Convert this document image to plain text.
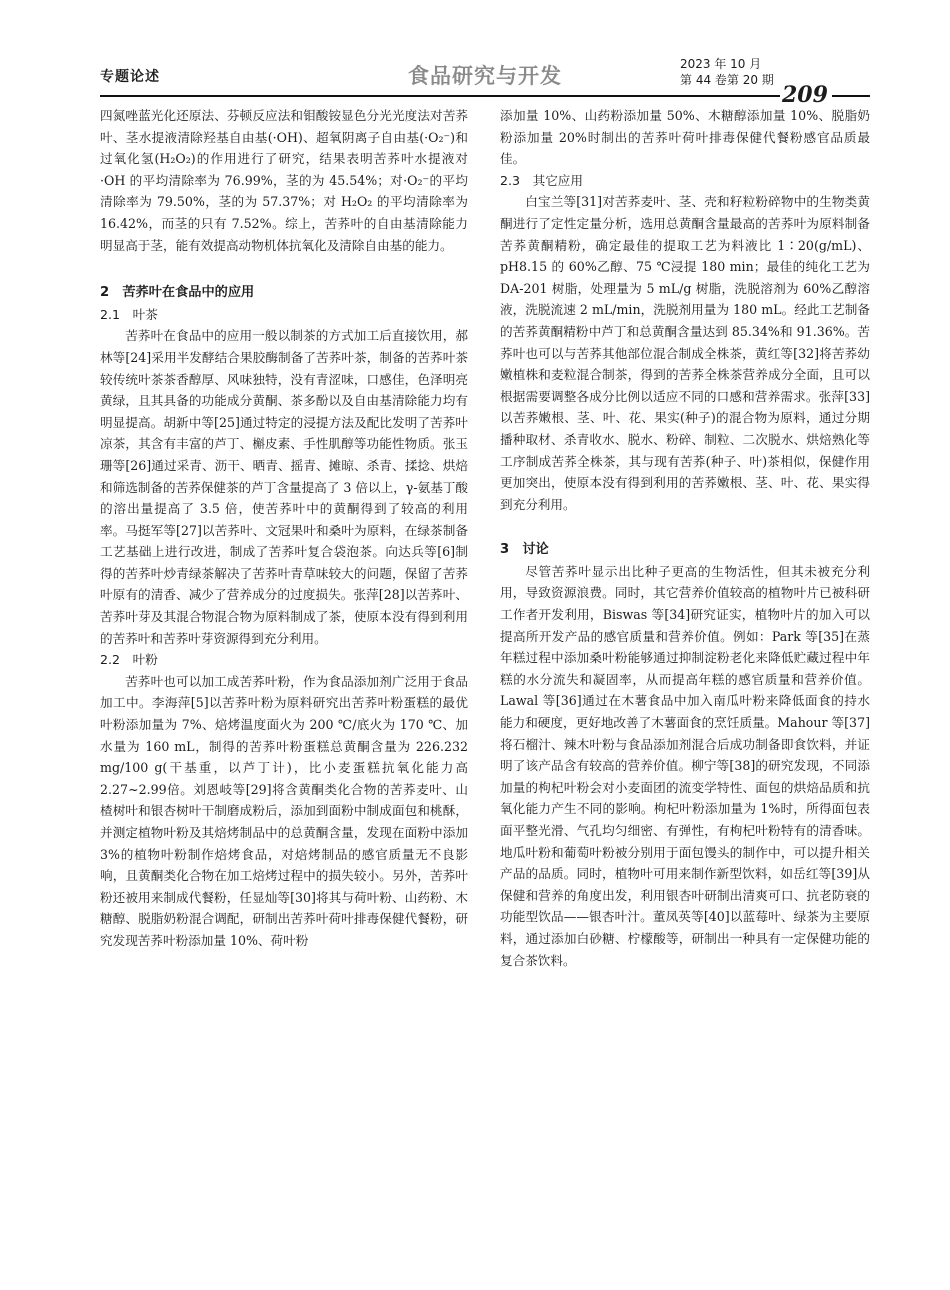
专题论述	食品研究与开发	2023 年 10 月
第 44 卷第 20 期
209

四氮唑蓝光化还原法、芬顿反应法和钼酸铵显色分光光度法对苦荞叶、茎水提液清除羟基自由基(·OH)、超氧阴离子自由基(·O₂⁻)和过氧化氢(H₂O₂)的作用进行了研究，结果表明苦荞叶水提液对·OH 的平均清除率为 76.99%，茎的为 45.54%；对·O₂⁻的平均清除率为 79.50%，茎的为 57.37%；对 H₂O₂ 的平均清除率为 16.42%，而茎的只有 7.52%。综上，苦荞叶的自由基清除能力明显高于茎，能有效提高动物机体抗氧化及清除自由基的能力。

2　苦荞叶在食品中的应用
2.1　叶茶

苦荞叶在食品中的应用一般以制茶的方式加工后直接饮用，郝林等[24]采用半发酵结合果胶酶制备了苦荞叶茶，制备的苦荞叶茶较传统叶茶茶香醇厚、风味独特，没有青涩味，口感佳，色泽明亮黄绿，且其具备的功能成分黄酮、茶多酚以及自由基清除能力均有明显提高。胡新中等[25]通过特定的浸提方法及配比发明了苦荞叶凉茶，其含有丰富的芦丁、槲皮素、手性肌醇等功能性物质。张玉珊等[26]通过采青、沥干、晒青、摇青、摊晾、杀青、揉捻、烘焙和筛选制备的苦荞保健茶的芦丁含量提高了 3 倍以上，γ-氨基丁酸的溶出量提高了 3.5 倍，使苦荞叶中的黄酮得到了较高的利用率。马挺军等[27]以苦荞叶、文冠果叶和桑叶为原料，在绿茶制备工艺基础上进行改进，制成了苦荞叶复合袋泡茶。向达兵等[6]制得的苦荞叶炒青绿茶解决了苦荞叶青草味较大的问题，保留了苦荞叶原有的清香、减少了营养成分的过度损失。张萍[28]以苦荞叶、苦荞叶芽及其混合物混合物为原料制成了茶，使原本没有得到利用的苦荞叶和苦荞叶芽资源得到充分利用。

2.2　叶粉

苦荞叶也可以加工成苦荞叶粉，作为食品添加剂广泛用于食品加工中。李海萍[5]以苦荞叶粉为原料研究出苦荞叶粉蛋糕的最优叶粉添加量为 7%、焙烤温度面火为 200 ℃/底火为 170 ℃、加水量为 160 mL，制得的苦荞叶粉蛋糕总黄酮含量为 226.232 mg/100 g(干基重，以芦丁计)，比小麦蛋糕抗氧化能力高 2.27~2.99倍。刘恩岐等[29]将含黄酮类化合物的苦荞麦叶、山楂树叶和银杏树叶干制磨成粉后，添加到面粉中制成面包和桃酥，并测定植物叶粉及其焙烤制品中的总黄酮含量，发现在面粉中添加 3%的植物叶粉制作焙烤食品，对焙烤制品的感官质量无不良影响，且黄酮类化合物在加工焙烤过程中的损失较小。另外，苦荞叶粉还被用来制成代餐粉，任显灿等[30]将其与荷叶粉、山药粉、木糖醇、脱脂奶粉混合调配，研制出苦荞叶荷叶排毒保健代餐粉，研究发现苦荞叶粉添加量 10%、荷叶粉

添加量 10%、山药粉添加量 50%、木糖醇添加量 10%、脱脂奶粉添加量 20%时制出的苦荞叶荷叶排毒保健代餐粉感官品质最佳。

2.3　其它应用

白宝兰等[31]对苦荞麦叶、茎、壳和籽粒粉碎物中的生物类黄酮进行了定性定量分析，选用总黄酮含量最高的苦荞叶为原料制备苦荞黄酮精粉，确定最佳的提取工艺为料液比 1∶20(g/mL)、pH8.15 的 60%乙醇、75 ℃浸提 180 min；最佳的纯化工艺为 DA-201 树脂，处理量为 5 mL/g 树脂，洗脱溶剂为 60%乙醇溶液，洗脱流速 2 mL/min，洗脱剂用量为 180 mL。经此工艺制备的苦荞黄酮精粉中芦丁和总黄酮含量达到 85.34%和 91.36%。苦荞叶也可以与苦荞其他部位混合制成全株茶，黄红等[32]将苦荞幼嫩植株和麦粒混合制茶，得到的苦荞全株茶营养成分全面，且可以根据需要调整各成分比例以适应不同的口感和营养需求。张萍[33]以苦荞嫩根、茎、叶、花、果实(种子)的混合物为原料，通过分期播种取材、杀青收水、脱水、粉碎、制粒、二次脱水、烘焙熟化等工序制成苦荞全株茶，其与现有苦荞(种子、叶)茶相似，保健作用更加突出，使原本没有得到利用的苦荞嫩根、茎、叶、花、果实得到充分利用。

3　讨论

尽管苦荞叶显示出比种子更高的生物活性，但其未被充分利用，导致资源浪费。同时，其它营养价值较高的植物叶片已被科研工作者开发利用，Biswas 等[34]研究证实，植物叶片的加入可以提高所开发产品的感官质量和营养价值。例如：Park 等[35]在蒸年糕过程中添加桑叶粉能够通过抑制淀粉老化来降低贮藏过程中年糕的水分流失和凝固率，从而提高年糕的感官质量和营养价值。Lawal 等[36]通过在木薯食品中加入南瓜叶粉来降低面食的持水能力和硬度，更好地改善了木薯面食的烹饪质量。Mahour 等[37]将石榴汁、辣木叶粉与食品添加剂混合后成功制备即食饮料，并证明了该产品含有较高的营养价值。柳宁等[38]的研究发现，不同添加量的枸杞叶粉会对小麦面团的流变学特性、面包的烘焙品质和抗氧化能力产生不同的影响。枸杞叶粉添加量为 1%时，所得面包表面平整光滑、气孔均匀细密、有弹性，有枸杞叶粉特有的清香味。地瓜叶粉和葡萄叶粉被分别用于面包馒头的制作中，可以提升相关产品的品质。同时，植物叶可用来制作新型饮料，如岳红等[39]从保健和营养的角度出发，利用银杏叶研制出清爽可口、抗老防衰的功能型饮品——银杏叶汁。董凤英等[40]以蓝莓叶、绿茶为主要原料，通过添加白砂糖、柠檬酸等，研制出一种具有一定保健功能的复合茶饮料。
